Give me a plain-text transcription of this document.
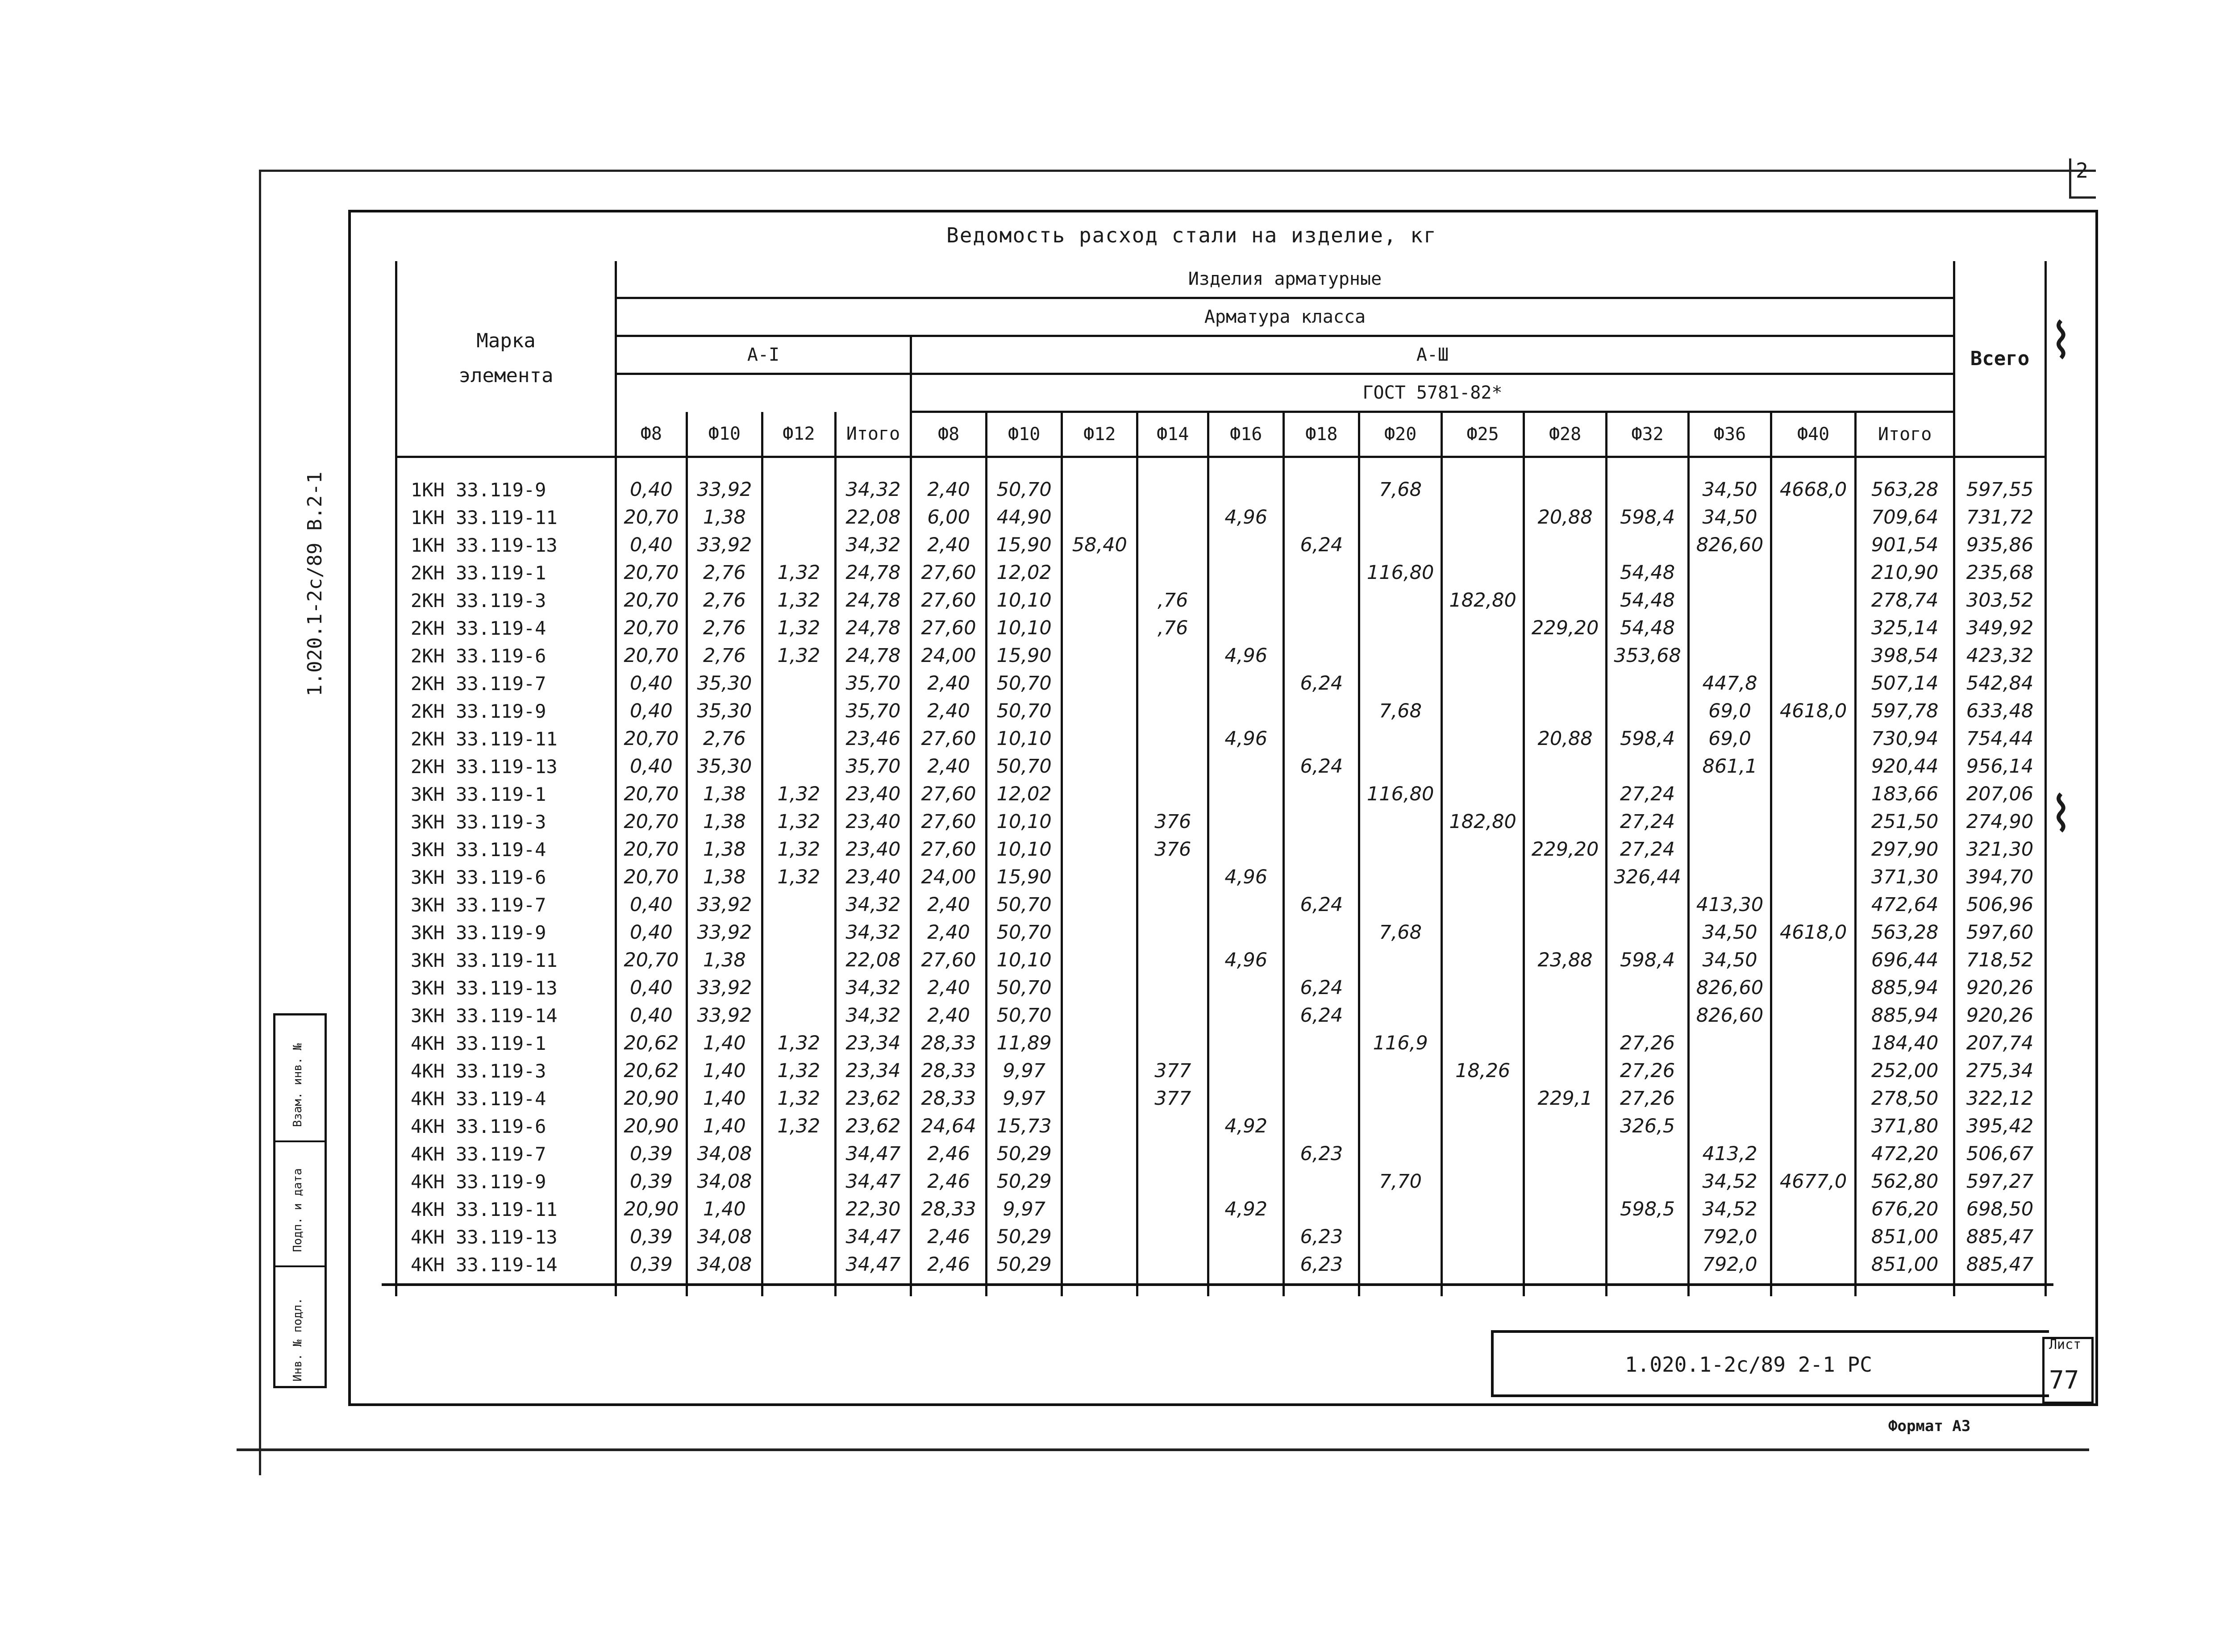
2
Ведомость расход стали на изделие, кг
Марка
элемента	Изделия арматурные																	Всего
	Арматура класса																	
	A-I				A-Ш													
					ГОСТ 5781-82*													
	Ф8	Ф10	Ф12	Итого	Ф8	Ф10	Ф12	Ф14	Ф16	Ф18	Ф20	Ф25	Ф28	Ф32	Ф36	Ф40	Итого	

1КН 33.119-9	0,40	33,92		34,32	2,40	50,70					7,68				34,50	4668,0	563,28	597,55
1КН 33.119-11	20,70	1,38		22,08	6,00	44,90			4,96				20,88	598,4	34,50		709,64	731,72
1КН 33.119-13	0,40	33,92		34,32	2,40	15,90	58,40			6,24					826,60		901,54	935,86
2КН 33.119-1	20,70	2,76	1,32	24,78	27,60	12,02					116,80			54,48			210,90	235,68
2КН 33.119-3	20,70	2,76	1,32	24,78	27,60	10,10		,76				182,80		54,48			278,74	303,52
2КН 33.119-4	20,70	2,76	1,32	24,78	27,60	10,10		,76					229,20	54,48			325,14	349,92
2КН 33.119-6	20,70	2,76	1,32	24,78	24,00	15,90			4,96					353,68			398,54	423,32
2КН 33.119-7	0,40	35,30		35,70	2,40	50,70				6,24					447,8		507,14	542,84
2КН 33.119-9	0,40	35,30		35,70	2,40	50,70					7,68				69,0	4618,0	597,78	633,48
2КН 33.119-11	20,70	2,76		23,46	27,60	10,10			4,96				20,88	598,4	69,0		730,94	754,44
2КН 33.119-13	0,40	35,30		35,70	2,40	50,70				6,24					861,1		920,44	956,14
3КН 33.119-1	20,70	1,38	1,32	23,40	27,60	12,02					116,80			27,24			183,66	207,06
3КН 33.119-3	20,70	1,38	1,32	23,40	27,60	10,10		376				182,80		27,24			251,50	274,90
3КН 33.119-4	20,70	1,38	1,32	23,40	27,60	10,10		376					229,20	27,24			297,90	321,30
3КН 33.119-6	20,70	1,38	1,32	23,40	24,00	15,90			4,96					326,44			371,30	394,70
3КН 33.119-7	0,40	33,92		34,32	2,40	50,70				6,24					413,30		472,64	506,96
3КН 33.119-9	0,40	33,92		34,32	2,40	50,70					7,68				34,50	4618,0	563,28	597,60
3КН 33.119-11	20,70	1,38		22,08	27,60	10,10			4,96				23,88	598,4	34,50		696,44	718,52
3КН 33.119-13	0,40	33,92		34,32	2,40	50,70				6,24					826,60		885,94	920,26
3КН 33.119-14	0,40	33,92		34,32	2,40	50,70				6,24					826,60		885,94	920,26
4КН 33.119-1	20,62	1,40	1,32	23,34	28,33	11,89					116,9			27,26			184,40	207,74
4КН 33.119-3	20,62	1,40	1,32	23,34	28,33	9,97		377				18,26		27,26			252,00	275,34
4КН 33.119-4	20,90	1,40	1,32	23,62	28,33	9,97		377					229,1	27,26			278,50	322,12
4КН 33.119-6	20,90	1,40	1,32	23,62	24,64	15,73			4,92					326,5			371,80	395,42
4КН 33.119-7	0,39	34,08		34,47	2,46	50,29				6,23					413,2		472,20	506,67
4КН 33.119-9	0,39	34,08		34,47	2,46	50,29					7,70				34,52	4677,0	562,80	597,27
4КН 33.119-11	20,90	1,40		22,30	28,33	9,97			4,92					598,5	34,52		676,20	698,50
4КН 33.119-13	0,39	34,08		34,47	2,46	50,29				6,23					792,0		851,00	885,47
4КН 33.119-14	0,39	34,08		34,47	2,46	50,29				6,23					792,0		851,00	885,47

⌇
⌇
1.020.1-2с/89 В.2-1
Взам. инв. №
Подп. и дата
Инв. № подл.	1.020.1-2с/89 2-1 РС
Лист
77
Формат А3
